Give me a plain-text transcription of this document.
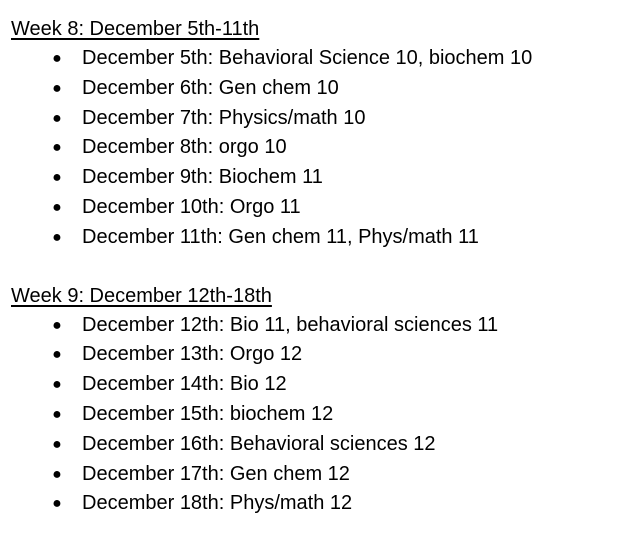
Week 8: December 5th-11th
● December 5th: Behavioral Science 10, biochem 10
● December 6th: Gen chem 10
● December 7th: Physics/math 10
● December 8th: orgo 10
● December 9th: Biochem 11
● December 10th: Orgo 11
● December 11th: Gen chem 11, Phys/math 11
Week 9: December 12th-18th
● December 12th: Bio 11, behavioral sciences 11
● December 13th: Orgo 12
● December 14th: Bio 12
● December 15th: biochem 12
● December 16th: Behavioral sciences 12
● December 17th: Gen chem 12
● December 18th: Phys/math 12
